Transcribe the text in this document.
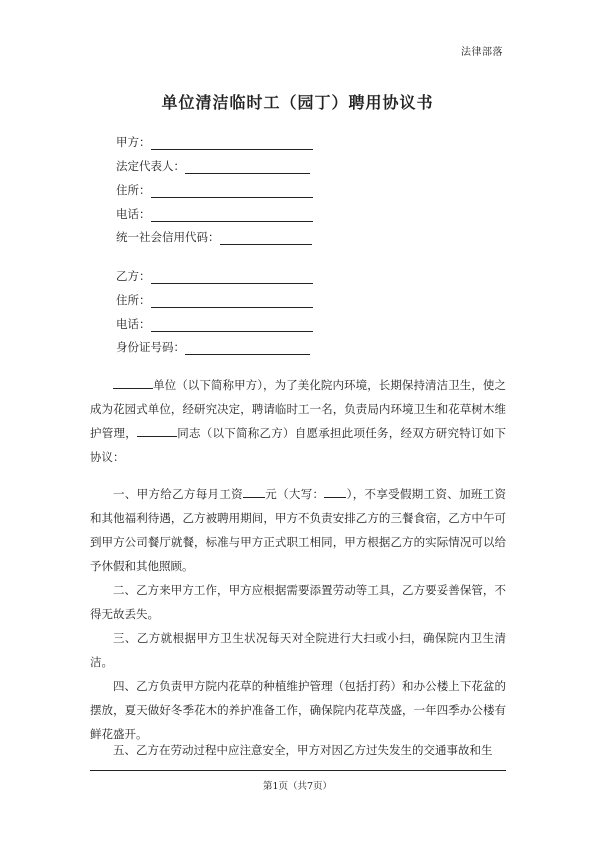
法律部落
单位清洁临时工（园丁）聘用协议书
甲方：
法定代表人：
住所：
电话：
统一社会信用代码：
乙方：
住所：
电话：
身份证号码：
单位（以下简称甲方），为了美化院内环境，长期保持清洁卫生，使之成为花园式单位，经研究决定，聘请临时工一名，负责局内环境卫生和花草树木维护管理，	同志（以下简称乙方）自愿承担此项任务，经双方研究特订如下协议：
一、甲方给乙方每月工资 元（大写： ），不享受假期工资、加班工资和其他福利待遇，乙方被聘用期间，甲方不负责安排乙方的三餐食宿，乙方中午可到甲方公司餐厅就餐，标准与甲方正式职工相同，甲方根据乙方的实际情况可以给予休假和其他照顾。
二、乙方来甲方工作，甲方应根据需要添置劳动等工具，乙方要妥善保管，不得无故丢失。
三、乙方就根据甲方卫生状况每天对全院进行大扫或小扫，确保院内卫生清洁。
四、乙方负责甲方院内花草的种植维护管理（包括打药）和办公楼上下花盆的摆放，夏天做好冬季花木的养护准备工作，确保院内花草茂盛，一年四季办公楼有鲜花盛开。
五、乙方在劳动过程中应注意安全，甲方对因乙方过失发生的交通事故和生
第1页（共7页）
